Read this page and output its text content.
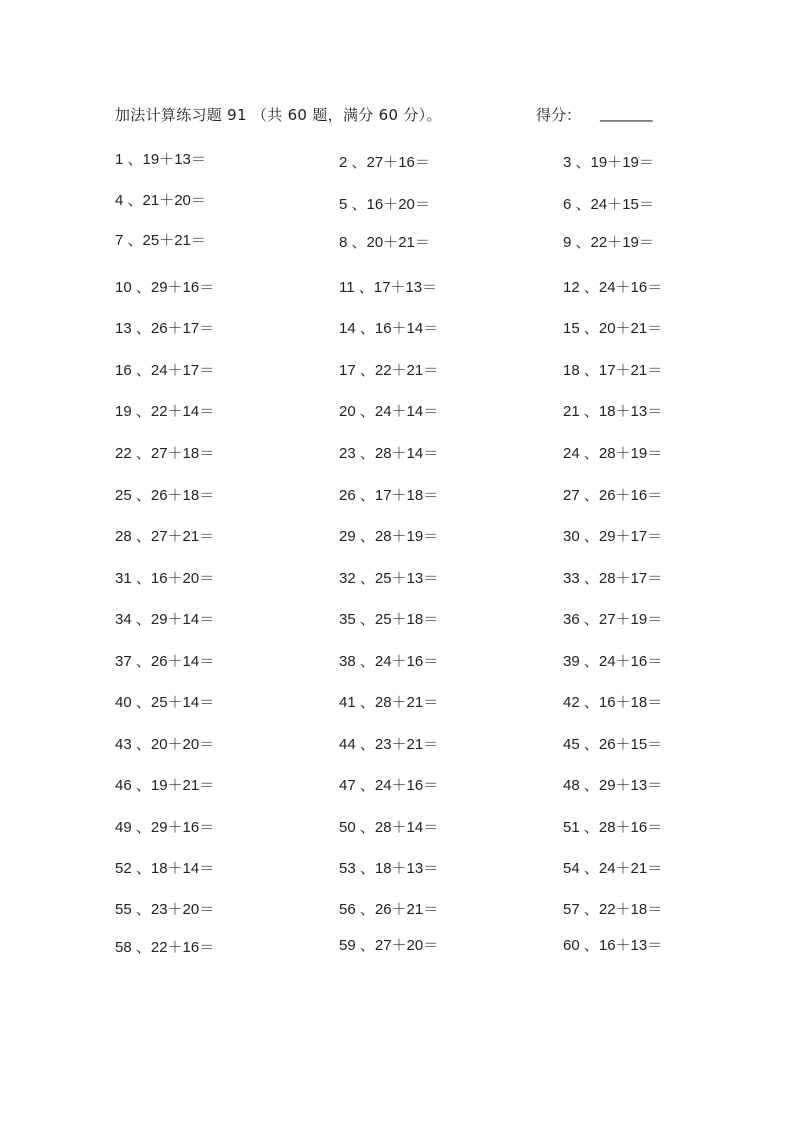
加法计算练习题 91 （共 60 题，满分 60 分）。	得分： _______
1 、19＋13＝	2 、27＋16＝	3 、19＋19＝
4 、21＋20＝	5 、16＋20＝	6 、24＋15＝
7 、25＋21＝	8 、20＋21＝	9 、22＋19＝
10 、29＋16＝	11 、17＋13＝	12 、24＋16＝
13 、26＋17＝	14 、16＋14＝	15 、20＋21＝
16 、24＋17＝	17 、22＋21＝	18 、17＋21＝
19 、22＋14＝	20 、24＋14＝	21 、18＋13＝
22 、27＋18＝	23 、28＋14＝	24 、28＋19＝
25 、26＋18＝	26 、17＋18＝	27 、26＋16＝
28 、27＋21＝	29 、28＋19＝	30 、29＋17＝
31 、16＋20＝	32 、25＋13＝	33 、28＋17＝
34 、29＋14＝	35 、25＋18＝	36 、27＋19＝
37 、26＋14＝	38 、24＋16＝	39 、24＋16＝
40 、25＋14＝	41 、28＋21＝	42 、16＋18＝
43 、20＋20＝	44 、23＋21＝	45 、26＋15＝
46 、19＋21＝	47 、24＋16＝	48 、29＋13＝
49 、29＋16＝	50 、28＋14＝	51 、28＋16＝
52 、18＋14＝	53 、18＋13＝	54 、24＋21＝
55 、23＋20＝	56 、26＋21＝	57 、22＋18＝
58 、22＋16＝	59 、27＋20＝	60 、16＋13＝
